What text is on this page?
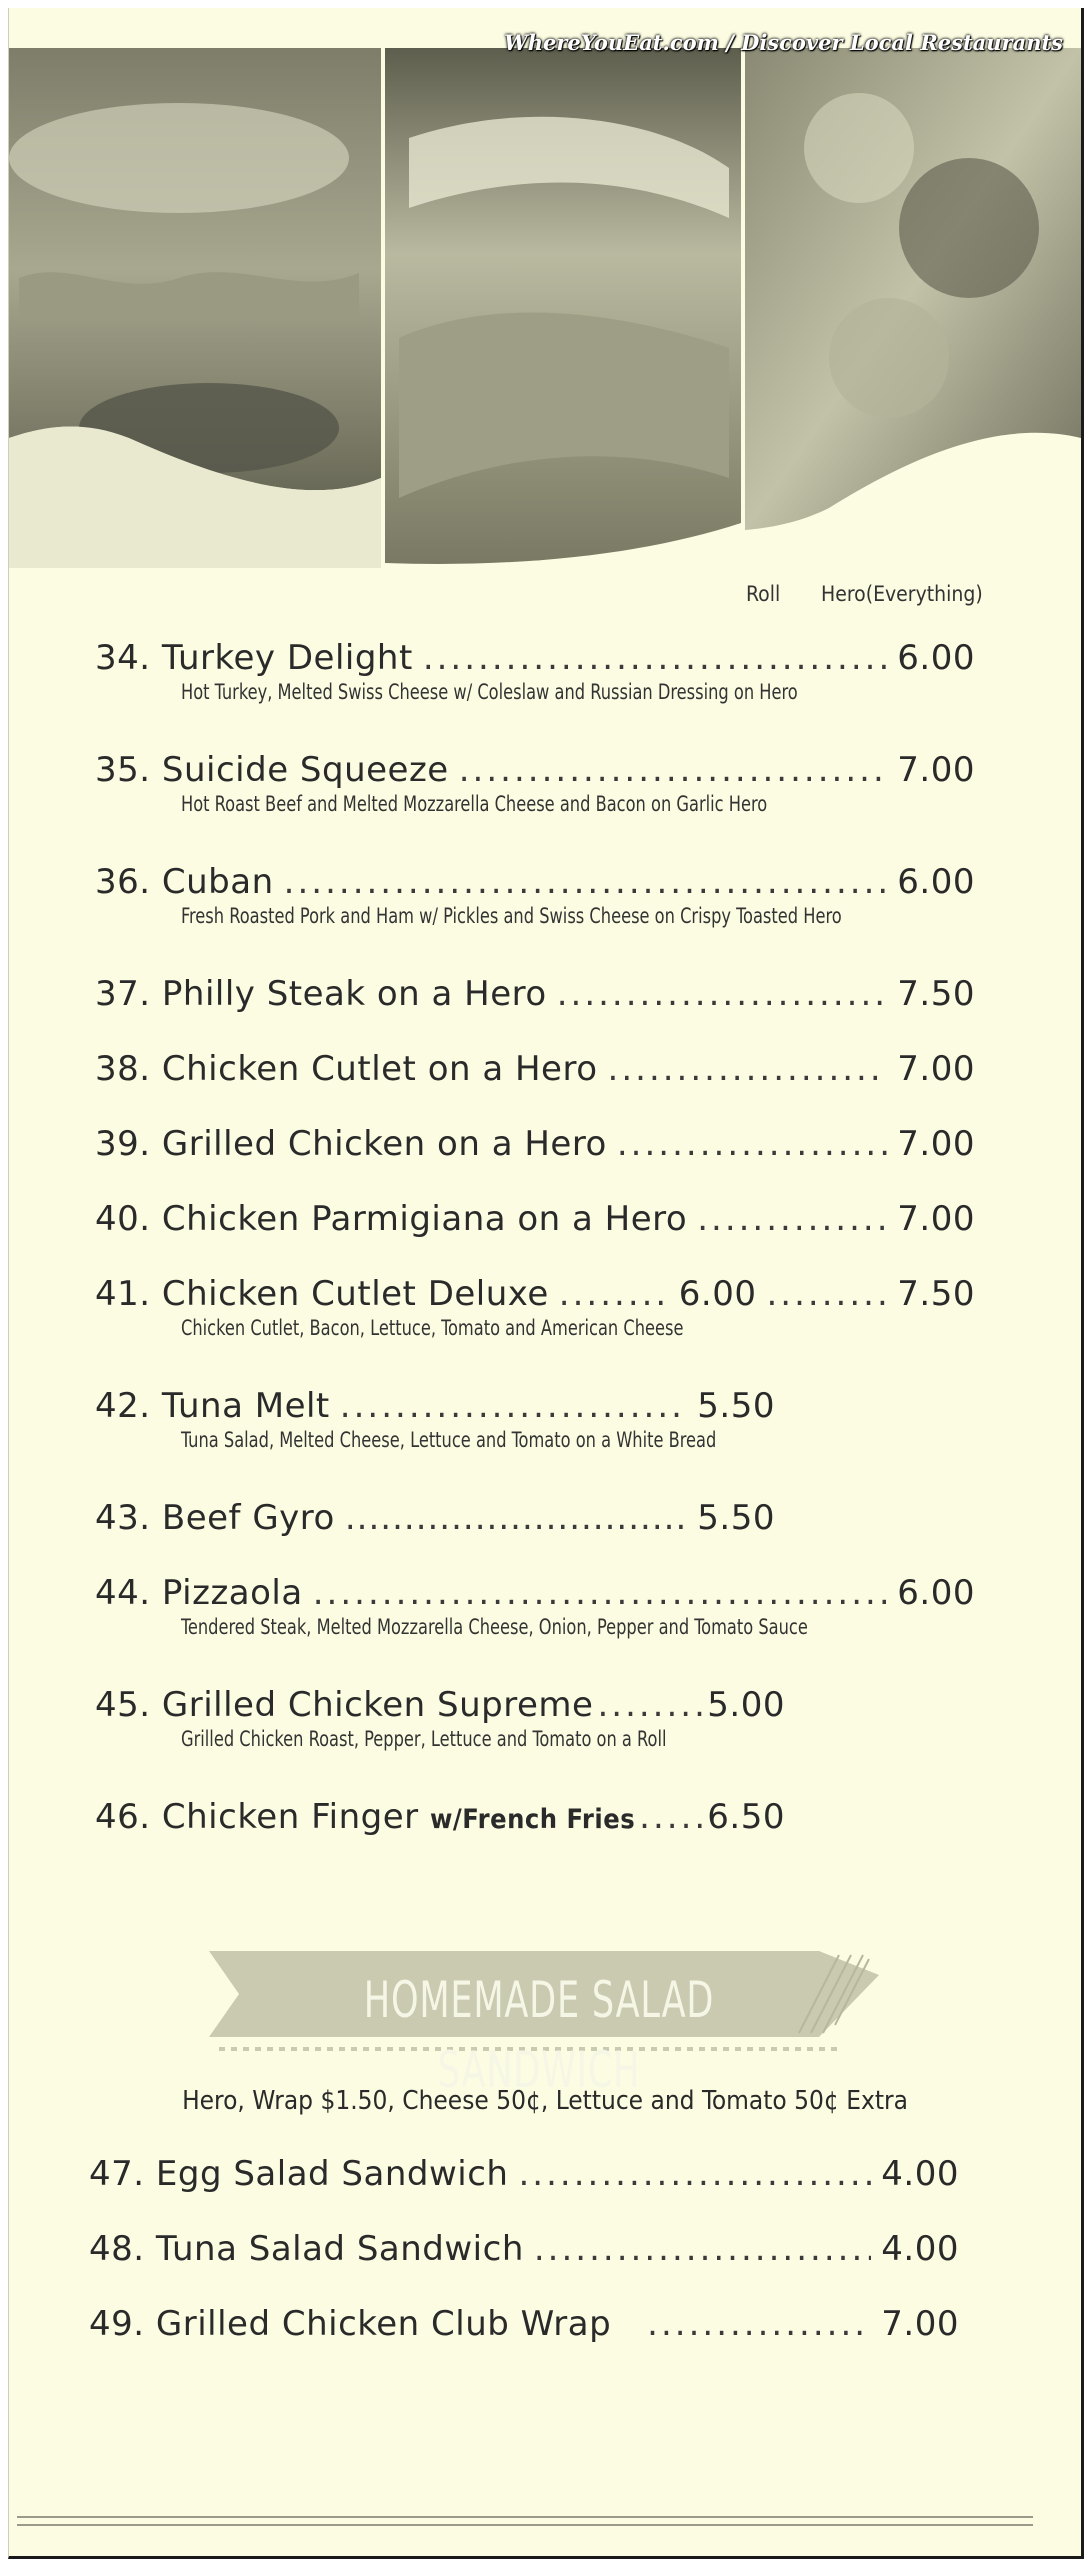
WhereYouEat.com / Discover Local Restaurants
Roll Hero(Everything)
34. Turkey Delight .....	6.00
Hot Turkey, Melted Swiss Cheese w/ Coleslaw and Russian Dressing on Hero
35. Suicide Squeeze .....	7.00
Hot Roast Beef and Melted Mozzarella Cheese and Bacon on Garlic Hero
36. Cuban .....	6.00
Fresh Roasted Pork and Ham w/ Pickles and Swiss Cheese on Crispy Toasted Hero
37. Philly Steak on a Hero .....	7.50
38. Chicken Cutlet on a Hero .....	7.00
39. Grilled Chicken on a Hero .....	7.00
40. Chicken Parmigiana on a Hero .....	7.00
41. Chicken Cutlet Deluxe .....	6.00 .....	7.50
Chicken Cutlet, Bacon, Lettuce, Tomato and American Cheese
42. Tuna Melt .....	5.50
Tuna Salad, Melted Cheese, Lettuce and Tomato on a White Bread
43. Beef Gyro .....	5.50
44. Pizzaola .....	6.00
Tendered Steak, Melted Mozzarella Cheese, Onion, Pepper and Tomato Sauce
45. Grilled Chicken Supreme .....	5.00
Grilled Chicken Roast, Pepper, Lettuce and Tomato on a Roll
46. Chicken Finger w/French Fries ..... 6.50
HOMEMADE SALAD SANDWICH
Hero, Wrap $1.50, Cheese 50¢, Lettuce and Tomato 50¢ Extra
47. Egg Salad Sandwich .....	4.00
48. Tuna Salad Sandwich .....	4.00
49. Grilled Chicken Club Wrap .....	7.00
